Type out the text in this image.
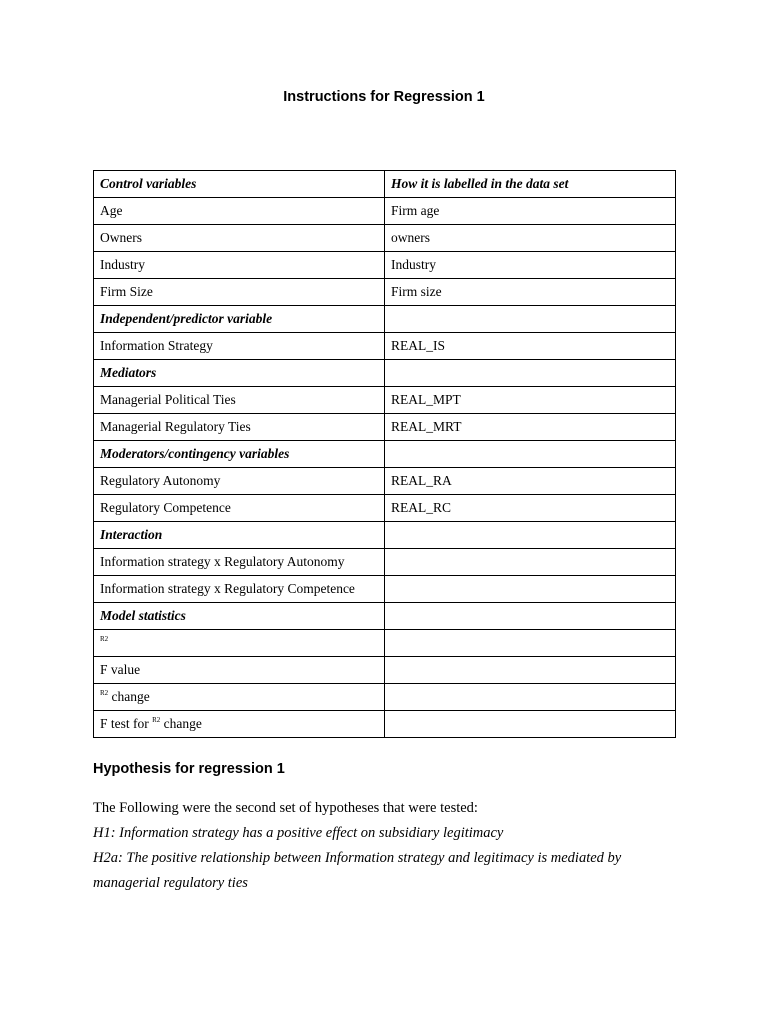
Instructions for Regression 1
Control variables	How it is labelled in the data set
Age	Firm age
Owners	owners
Industry	Industry
Firm Size	Firm size
Independent/predictor variable	
Information Strategy	REAL_IS
Mediators	
Managerial Political Ties	REAL_MPT
Managerial Regulatory Ties	REAL_MRT
Moderators/contingency variables	
Regulatory Autonomy	REAL_RA
Regulatory Competence	REAL_RC
Interaction	
Information strategy x Regulatory Autonomy	
Information strategy x Regulatory Competence	
Model statistics	
$^{R2}$	
F value	
$^{R2}$ change	
F test for $^{R2}$ change	
Hypothesis for regression 1
The Following were the second set of hypotheses that were tested:
H1: Information strategy has a positive effect on subsidiary legitimacy
H2a: The positive relationship between Information strategy and legitimacy is mediated by managerial regulatory ties
